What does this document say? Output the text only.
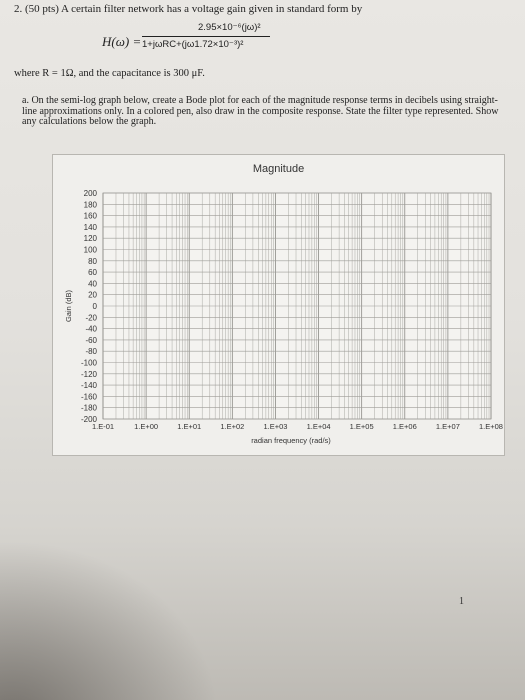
2. (50 pts) A certain filter network has a voltage gain given in standard form by
H(ω) =
2.95×10⁻⁶(jω)²
1+jωRC+(jω1.72×10⁻³)²
where R = 1Ω, and the capacitance is 300 μF.
a. On the semi-log graph below, create a Bode plot for each of the magnitude response terms in decibels using straight-line approximations only. In a colored pen, also draw in the composite response. State the filter type represented. Show any calculations below the graph.
Magnitude
200
180
160
140
120
100
80
60
40
20
0
-20
-40
-60
-80
-100
-120
-140
-160
-180
-200
1.E-01	1.E+00	1.E+01	1.E+02	1.E+03	1.E+04	1.E+05	1.E+06	1.E+07	1.E+08
Gain (dB)
radian frequency (rad/s)
1
